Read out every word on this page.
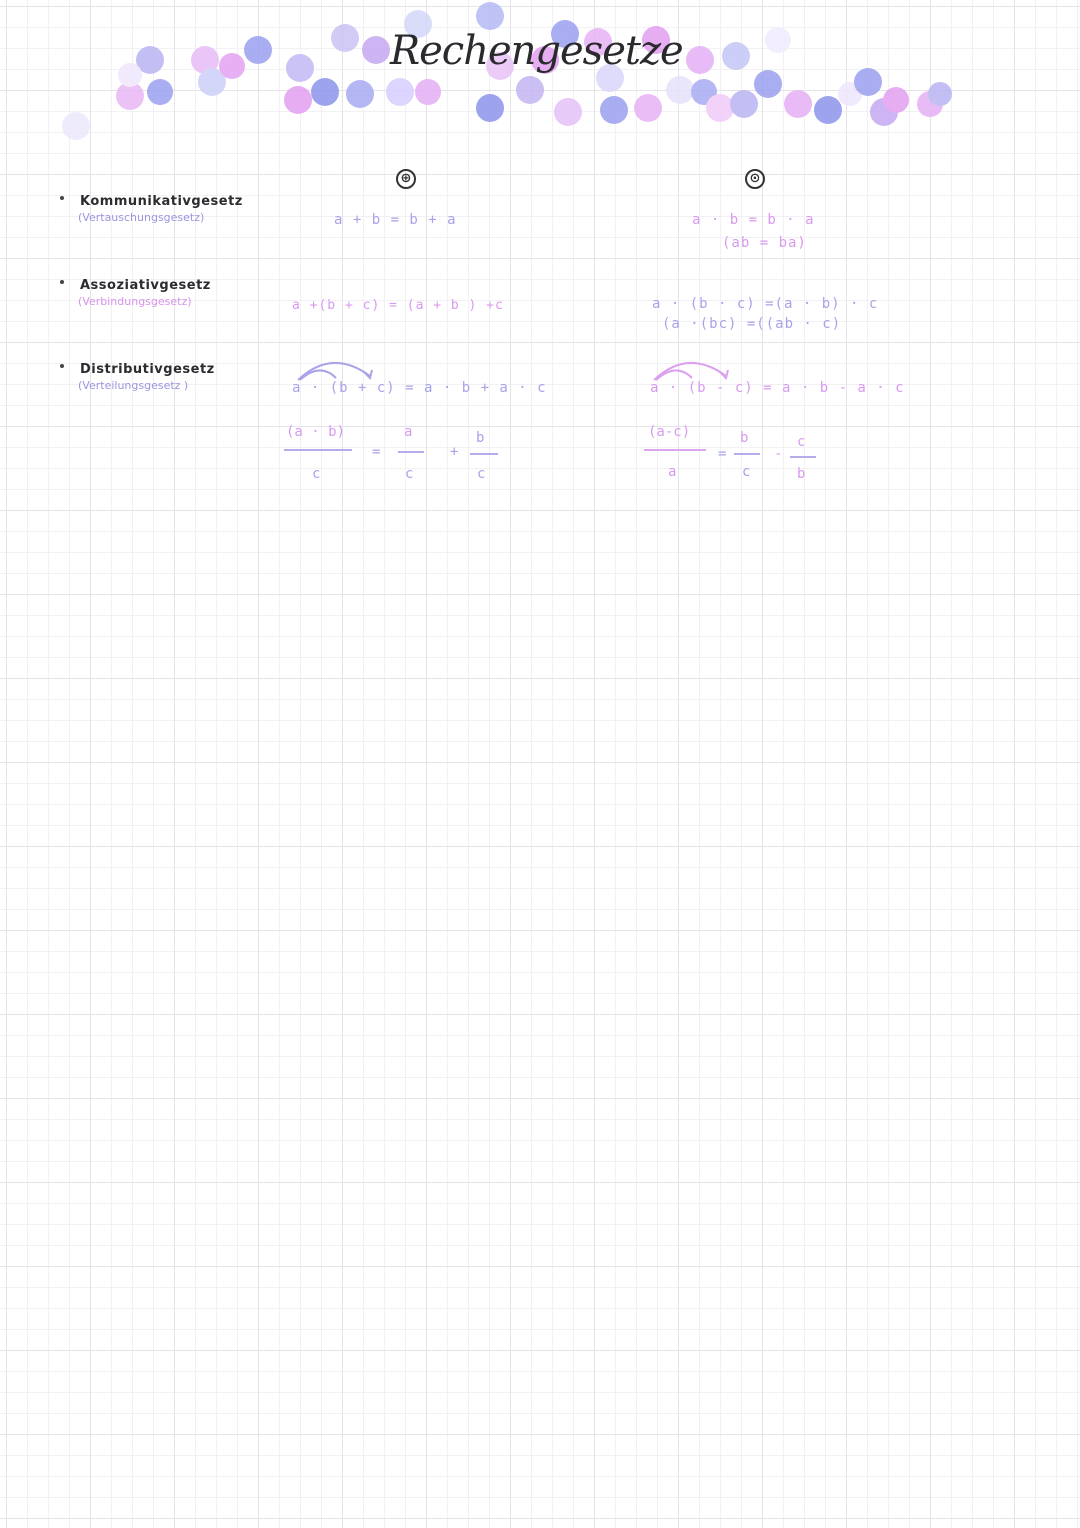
Rechengesetze
⊕	⊙
Kommunikativgesetz
(Vertauschungsgesetz)	a + b = b + a	a · b = b · a
(ab = ba)
Assoziativgesetz
(Verbindungsgesetz)	a +(b + c) = (a + b ) +c	a · (b · c) =(a · b) · c
(a ·(bc) =((ab · c)
Distributivgesetz
(Verteilungsgesetz )	a · (b + c) = a · b + a · c	a · (b - c) = a · b - a · c
(a · b)
c
=
a
c
+
b
c
(a-c)
a
=
b
c
-
c
b
